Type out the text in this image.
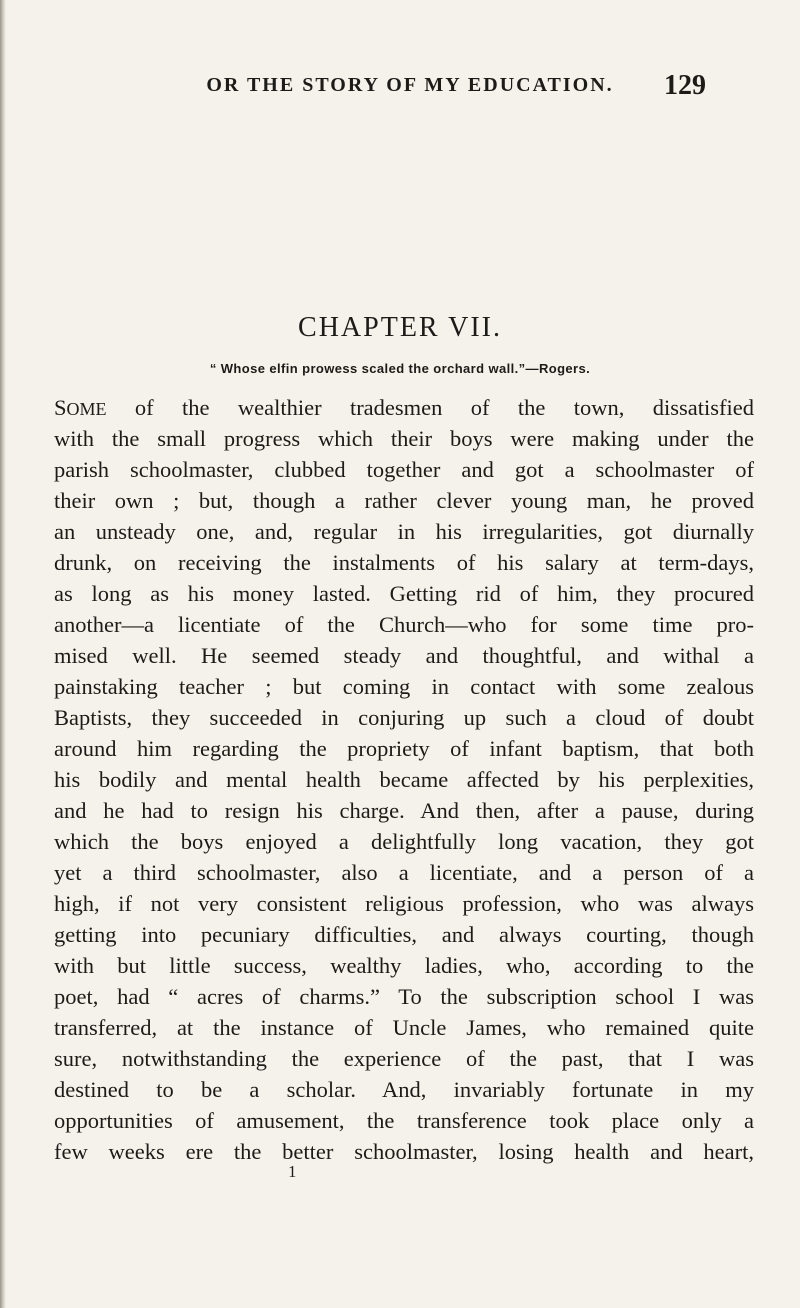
OR THE STORY OF MY EDUCATION.	129
CHAPTER VII.
“ Whose elfin prowess scaled the orchard wall.”—Rogers.
SOME of the wealthier tradesmen of the town, dissatisfied
with the small progress which their boys were making under the
parish schoolmaster, clubbed together and got a schoolmaster of
their own ; but, though a rather clever young man, he proved
an unsteady one, and, regular in his irregularities, got diurnally
drunk, on receiving the instalments of his salary at term-days,
as long as his money lasted. Getting rid of him, they procured
another—a licentiate of the Church—who for some time pro-
mised well. He seemed steady and thoughtful, and withal a
painstaking teacher ; but coming in contact with some zealous
Baptists, they succeeded in conjuring up such a cloud of doubt
around him regarding the propriety of infant baptism, that both
his bodily and mental health became affected by his perplexities,
and he had to resign his charge. And then, after a pause, during
which the boys enjoyed a delightfully long vacation, they got
yet a third schoolmaster, also a licentiate, and a person of a
high, if not very consistent religious profession, who was always
getting into pecuniary difficulties, and always courting, though
with but little success, wealthy ladies, who, according to the
poet, had “ acres of charms.” To the subscription school I was
transferred, at the instance of Uncle James, who remained quite
sure, notwithstanding the experience of the past, that I was
destined to be a scholar. And, invariably fortunate in my
opportunities of amusement, the transference took place only a
few weeks ere the better schoolmaster, losing health and heart,
1
